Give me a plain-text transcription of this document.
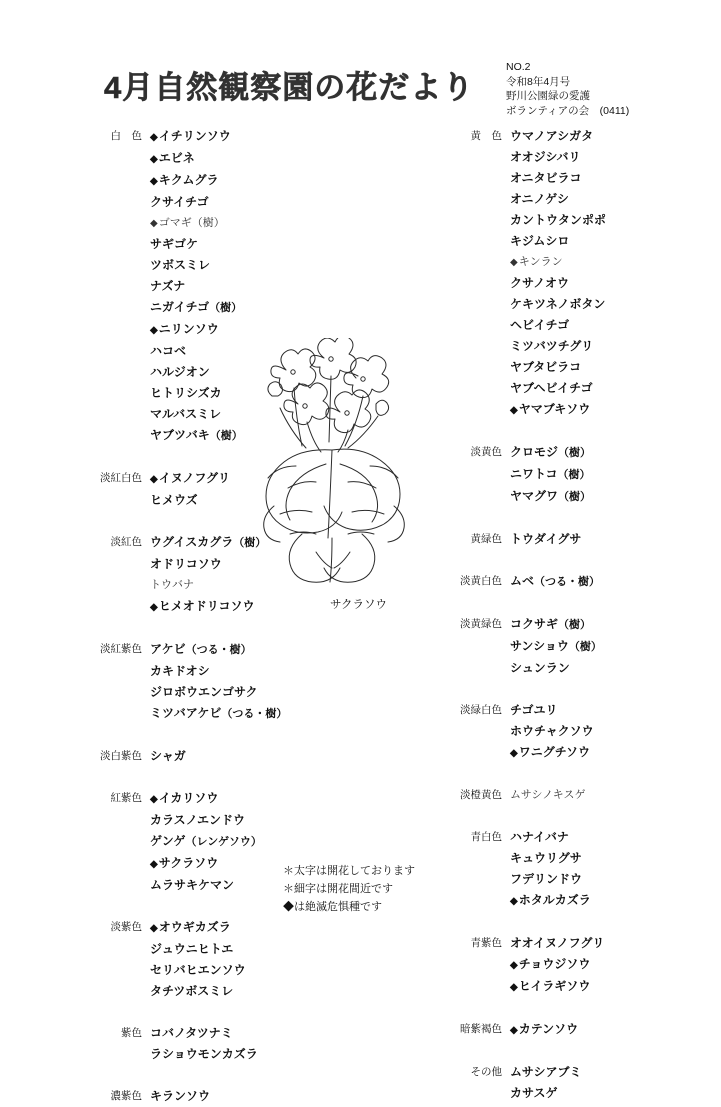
4月自然観察園の花だより
NO.2
令和8年4月号
野川公園緑の愛護
ボランティアの会　(0411)
白　色 ◆イチリンソウ
◆エビネ
◆キクムグラ
クサイチゴ
◆ゴマギ（樹）
サギゴケ
ツボスミレ
ナズナ
ニガイチゴ（樹）
◆ニリンソウ
ハコベ
ハルジオン
ヒトリシズカ
マルバスミレ
ヤブツバキ（樹）
淡紅白色 ◆イヌノフグリ
ヒメウズ
淡紅色 ウグイスカグラ（樹）
オドリコソウ
トウバナ
◆ヒメオドリコソウ
淡紅紫色 アケビ（つる・樹）
カキドオシ
ジロボウエンゴサク
ミツバアケビ（つる・樹）
淡白紫色 シャガ
紅紫色 ◆イカリソウ
カラスノエンドウ
ゲンゲ（レンゲソウ）
◆サクラソウ
ムラサキケマン
淡紫色 ◆オウギカズラ
ジュウニヒトエ
セリバヒエンソウ
タチツボスミレ
紫色 コバノタツナミ
ラショウモンカズラ
濃紫色 キランソウ
黄　色 ウマノアシガタ
オオジシバリ
オニタビラコ
オニノゲシ
カントウタンポポ
キジムシロ
◆キンラン
クサノオウ
ケキツネノボタン
ヘビイチゴ
ミツバツチグリ
ヤブタビラコ
ヤブヘビイチゴ
◆ヤマブキソウ
淡黄色 クロモジ（樹）
ニワトコ（樹）
ヤマグワ（樹）
黄緑色 トウダイグサ
淡黄白色 ムベ（つる・樹）
淡黄緑色 コクサギ（樹）
サンショウ（樹）
シュンラン
淡緑白色 チゴユリ
ホウチャクソウ
◆ワニグチソウ
淡橙黄色 ムサシノキスゲ
青白色 ハナイバナ
キュウリグサ
フデリンドウ
◆ホタルカズラ
青紫色 オオイヌノフグリ
◆チョウジソウ
◆ヒイラギソウ
暗紫褐色 ◆カテンソウ
その他 ムサシアブミ
カサスゲ
サクラソウ
＊太字は開花しております
＊細字は開花間近です
◆は絶滅危惧種です
